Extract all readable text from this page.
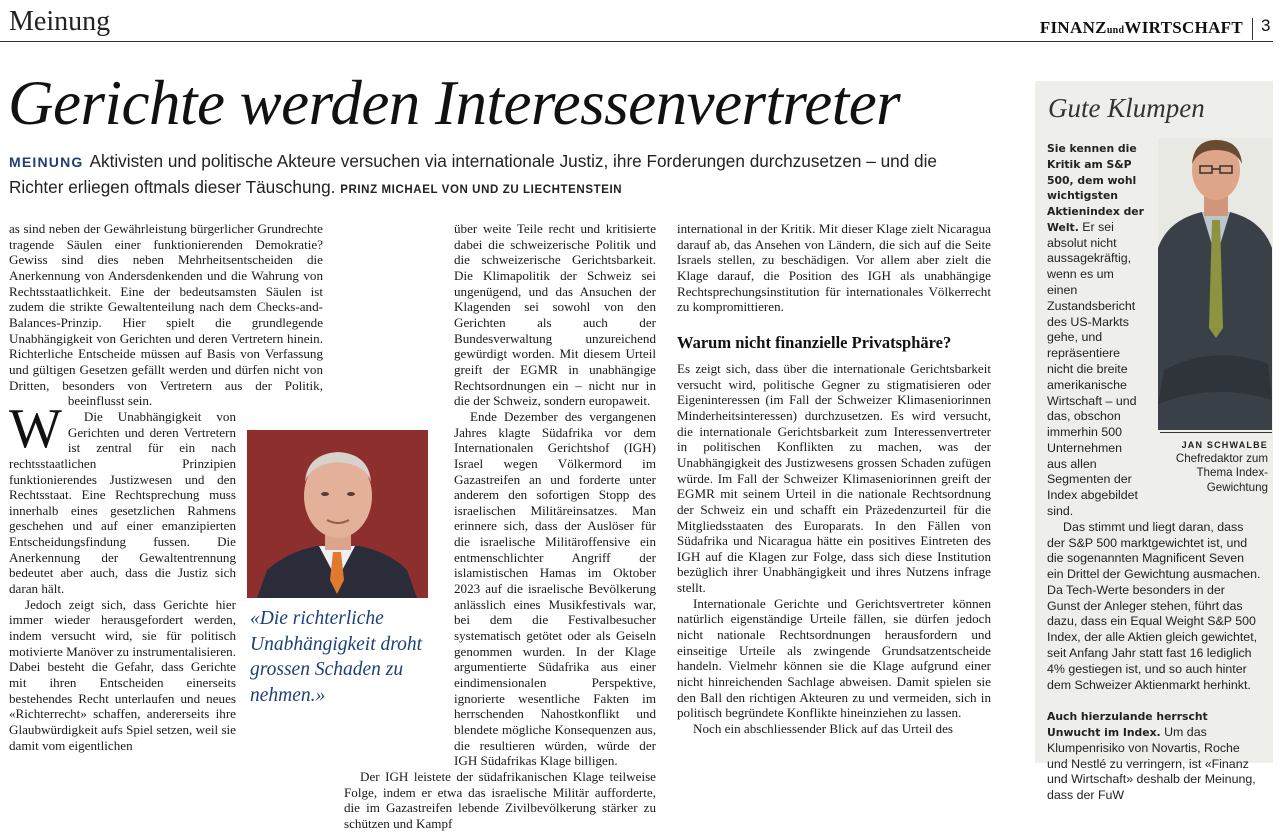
Meinung	FINANZundWIRTSCHAFT 3
Gerichte werden Interessenvertreter
MEINUNG Aktivisten und politische Akteure versuchen via internationale Justiz, ihre Forderungen durchzusetzen – und die Richter erliegen oftmals dieser Täuschung. PRINZ MICHAEL VON UND ZU LIECHTENSTEIN

W
as sind neben der Gewährleistung bürgerlicher Grundrechte tragende Säulen einer funktionierenden Demokratie? Gewiss sind dies neben Mehrheitsentscheiden die Anerkennung von Andersdenkenden und die Wahrung von Rechtsstaatlichkeit. Eine der bedeutsamsten Säulen ist zudem die strikte Gewaltenteilung nach dem Checks-and-Balances-Prinzip. Hier spielt die grundlegende Unabhängigkeit von Gerichten und deren Vertretern hinein. Richterliche Entscheide müssen auf Basis von Verfassung und gültigen Gesetzen gefällt werden und dürfen nicht von Dritten, besonders von Vertretern aus der Politik, beeinflusst sein.

Die Unabhängigkeit von Gerichten und deren Vertretern ist zentral für ein nach rechtsstaatlichen Prinzipien funktionierendes Justizwesen und den Rechtsstaat. Eine Rechtsprechung muss innerhalb eines gesetzlichen Rahmens geschehen und auf einer emanzipierten Entscheidungsfindung fussen. Die Anerkennung der Gewaltentrennung bedeutet aber auch, dass die Justiz sich daran hält.

Jedoch zeigt sich, dass Gerichte hier immer wieder herausgefordert werden, indem versucht wird, sie für politisch motivierte Manöver zu instrumentalisieren. Dabei besteht die Gefahr, dass Gerichte mit ihren Entscheiden einerseits bestehendes Recht unterlaufen und neues «Richterrecht» schaffen, andererseits ihre Glaubwürdigkeit aufs Spiel setzen, weil sie damit vom eigentlichen

über weite Teile recht und kritisierte dabei die schweizerische Politik und die schweizerische Gerichtsbarkeit. Die Klimapolitik der Schweiz sei ungenügend, und das Ansuchen der Klagenden sei sowohl von den Gerichten als auch der Bundesverwaltung unzureichend gewürdigt worden. Mit diesem Urteil greift der EGMR in unabhängige Rechtsordnungen ein – nicht nur in die der Schweiz, sondern europaweit.

Ende Dezember des vergangenen Jahres klagte Südafrika vor dem Internationalen Gerichtshof (IGH) Israel wegen Völkermord im Gazastreifen an und forderte unter anderem den sofortigen Stopp des israelischen Militäreinsatzes. Man erinnere sich, dass der Auslöser für die israelische Militäroffensive ein entmenschlichter Angriff der islamistischen Hamas im Oktober 2023 auf die israelische Bevölkerung anlässlich eines Musikfestivals war, bei dem die Festivalbesucher systematisch getötet oder als Geiseln genommen wurden. In der Klage argumentierte Südafrika aus einer eindimensionalen Perspektive, ignorierte wesentliche Fakten im herrschenden Nahostkonflikt und blendete mögliche Konsequenzen aus, die resultieren würden, würde der IGH Südafrikas Klage billigen.

Der IGH leistete der südafrikanischen Klage teilweise Folge, indem er etwa das israelische Militär aufforderte, die im Gazastreifen lebende Zivilbevölkerung stärker zu schützen und Kampf

international in der Kritik. Mit dieser Klage zielt Nicaragua darauf ab, das Ansehen von Ländern, die sich auf die Seite Israels stellen, zu beschädigen. Vor allem aber zielt die Klage darauf, die Position des IGH als unabhängige Rechtsprechungsinstitution für internationales Völkerrecht zu kompromittieren.

Warum nicht finanzielle Privatsphäre?

Es zeigt sich, dass über die internationale Gerichtsbarkeit versucht wird, politische Gegner zu stigmatisieren oder Eigeninteressen (im Fall der Schweizer Klimaseniorinnen Minderheitsinteressen) durchzusetzen. Es wird versucht, die internationale Gerichtsbarkeit zum Interessenvertreter in politischen Konflikten zu machen, was der Unabhängigkeit des Justizwesens grossen Schaden zufügen würde. Im Fall der Schweizer Klimaseniorinnen greift der EGMR mit seinem Urteil in die nationale Rechtsordnung der Schweiz ein und schafft ein Präzedenzurteil für die Mitgliedsstaaten des Europarats. In den Fällen von Südafrika und Nicaragua hätte ein positives Eintreten des IGH auf die Klagen zur Folge, dass sich diese Institution bezüglich ihrer Unabhängigkeit und ihres Nutzens infrage stellt.

Internationale Gerichte und Gerichtsvertreter können natürlich eigenständige Urteile fällen, sie dürfen jedoch nicht nationale Rechtsordnungen herausfordern und einseitige Urteile als zwingende Grundsatzentscheide handeln. Vielmehr können sie die Klage aufgrund einer nicht hinreichenden Sachlage abweisen. Damit spielen sie den Ball den richtigen Akteuren zu und vermeiden, sich in politisch begründete Konflikte hineinziehen zu lassen.

Noch ein abschliessender Blick auf das Urteil des

«Die richterliche Unabhängigkeit droht grossen Schaden zu nehmen.»
Gute Klumpen

Sie kennen die Kritik am S&P 500, dem wohl wichtigsten Aktienindex der Welt. Er sei absolut nicht aussagekräftig, wenn es um einen Zustandsbericht des US-Markts gehe, und repräsentiere nicht die breite amerikanische Wirtschaft – und das, obschon immerhin 500 Unternehmen aus allen Segmenten der Index abgebildet sind.

Das stimmt und liegt daran, dass der S&P 500 marktgewichtet ist, und die sogenannten Magnificent Seven ein Drittel der Gewichtung ausmachen. Da Tech-Werte besonders in der Gunst der Anleger stehen, führt das dazu, dass ein Equal Weight S&P 500 Index, der alle Aktien gleich gewichtet, seit Anfang Jahr statt fast 16 lediglich 4% gestiegen ist, und so auch hinter dem Schweizer Aktienmarkt herhinkt.

Auch hierzulande herrscht Unwucht im Index. Um das Klumpenrisiko von Novartis, Roche und Nestlé zu verringern, ist «Finanz und Wirtschaft» deshalb der Meinung, dass der FuW

JAN SCHWALBE
Chefredaktor zum Thema Index-Gewichtung
